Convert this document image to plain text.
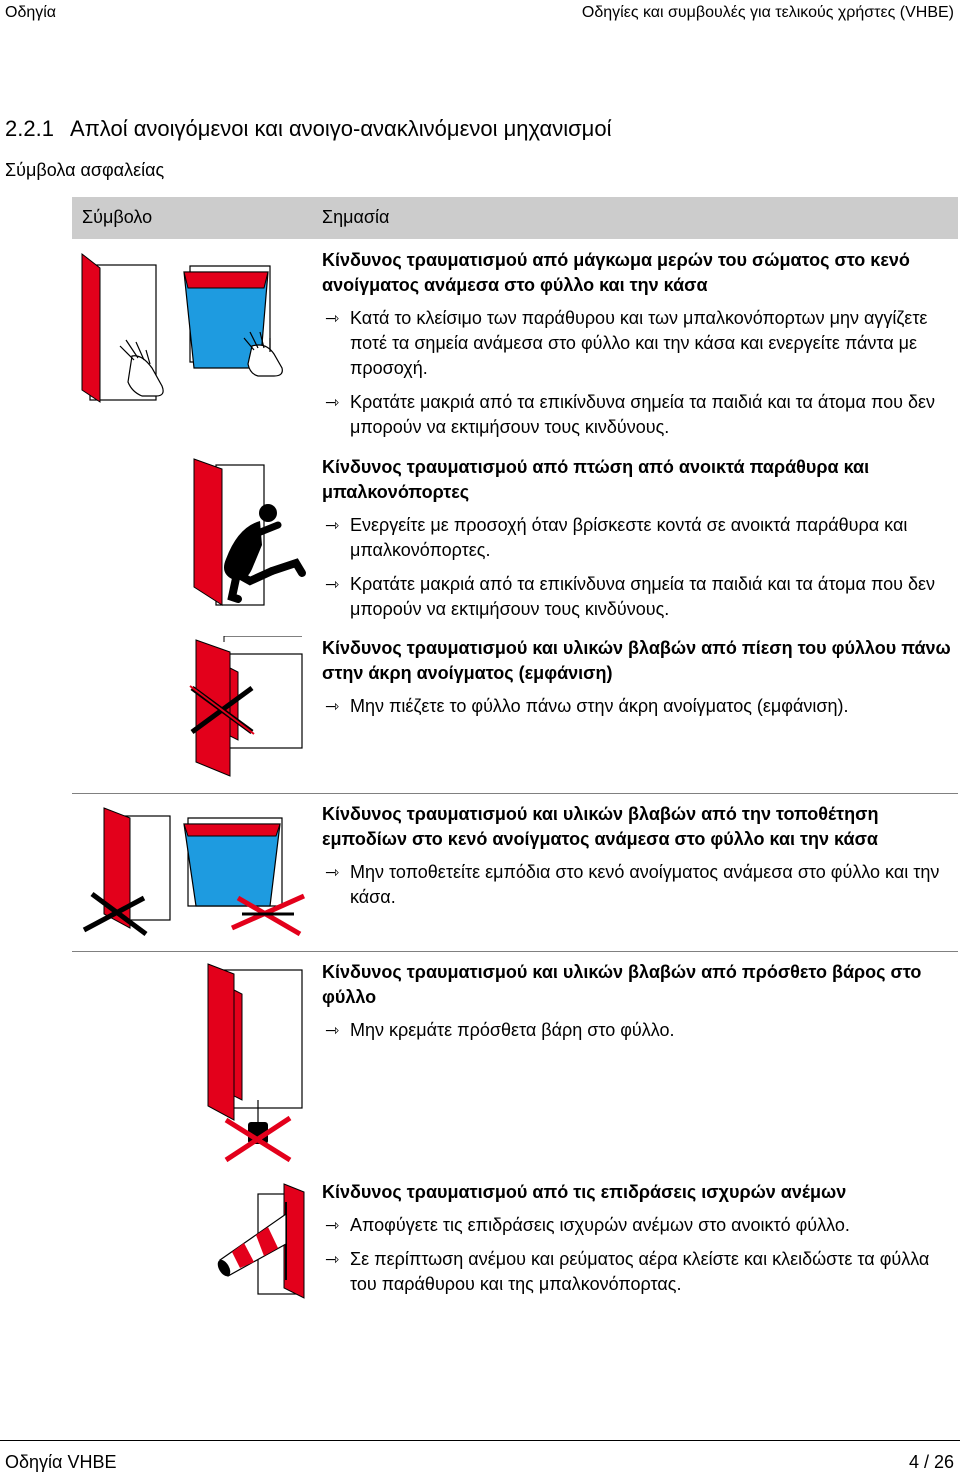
Οδηγία	Οδηγίες και συμβουλές για τελικούς χρήστες (VHBE)
2.2.1 Απλοί ανοιγόμενοι και ανοιγο-ανακλινόμενοι μηχανισμοί
Σύμβολα ασφαλείας
Σύμβολο	Σημασία
Κίνδυνος τραυματισμού από μάγκωμα μερών του σώματος στο κενό ανοίγματος ανάμεσα στο φύλλο και την κάσα
⇾ Κατά το κλείσιμο των παράθυρου και των μπαλκονόπορτων μην αγγίζετε ποτέ τα σημεία ανάμεσα στο φύλλο και την κάσα και ενεργείτε πάντα με προσοχή.
⇾ Κρατάτε μακριά από τα επικίνδυνα σημεία τα παιδιά και τα άτομα που δεν μπορούν να εκτιμήσουν τους κινδύνους.
Κίνδυνος τραυματισμού από πτώση από ανοικτά παράθυρα και μπαλκονόπορτες
⇾ Ενεργείτε με προσοχή όταν βρίσκεστε κοντά σε ανοικτά παράθυρα και μπαλκονόπορτες.
⇾ Κρατάτε μακριά από τα επικίνδυνα σημεία τα παιδιά και τα άτομα που δεν μπορούν να εκτιμήσουν τους κινδύνους.
Κίνδυνος τραυματισμού και υλικών βλαβών από πίεση του φύλλου πάνω στην άκρη ανοίγματος (εμφάνιση)
⇾ Μην πιέζετε το φύλλο πάνω στην άκρη ανοίγματος (εμφάνιση).
Κίνδυνος τραυματισμού και υλικών βλαβών από την τοποθέτηση εμποδίων στο κενό ανοίγματος ανάμεσα στο φύλλο και την κάσα
⇾ Μην τοποθετείτε εμπόδια στο κενό ανοίγματος ανάμεσα στο φύλλο και την κάσα.
Κίνδυνος τραυματισμού και υλικών βλαβών από πρόσθετο βάρος στο φύλλο
⇾ Μην κρεμάτε πρόσθετα βάρη στο φύλλο.
Κίνδυνος τραυματισμού από τις επιδράσεις ισχυρών ανέμων
⇾ Αποφύγετε τις επιδράσεις ισχυρών ανέμων στο ανοικτό φύλλο.
⇾ Σε περίπτωση ανέμου και ρεύματος αέρα κλείστε και κλειδώστε τα φύλλα του παράθυρου και της μπαλκονόπορτας.
Οδηγία VHBE	4 / 26
